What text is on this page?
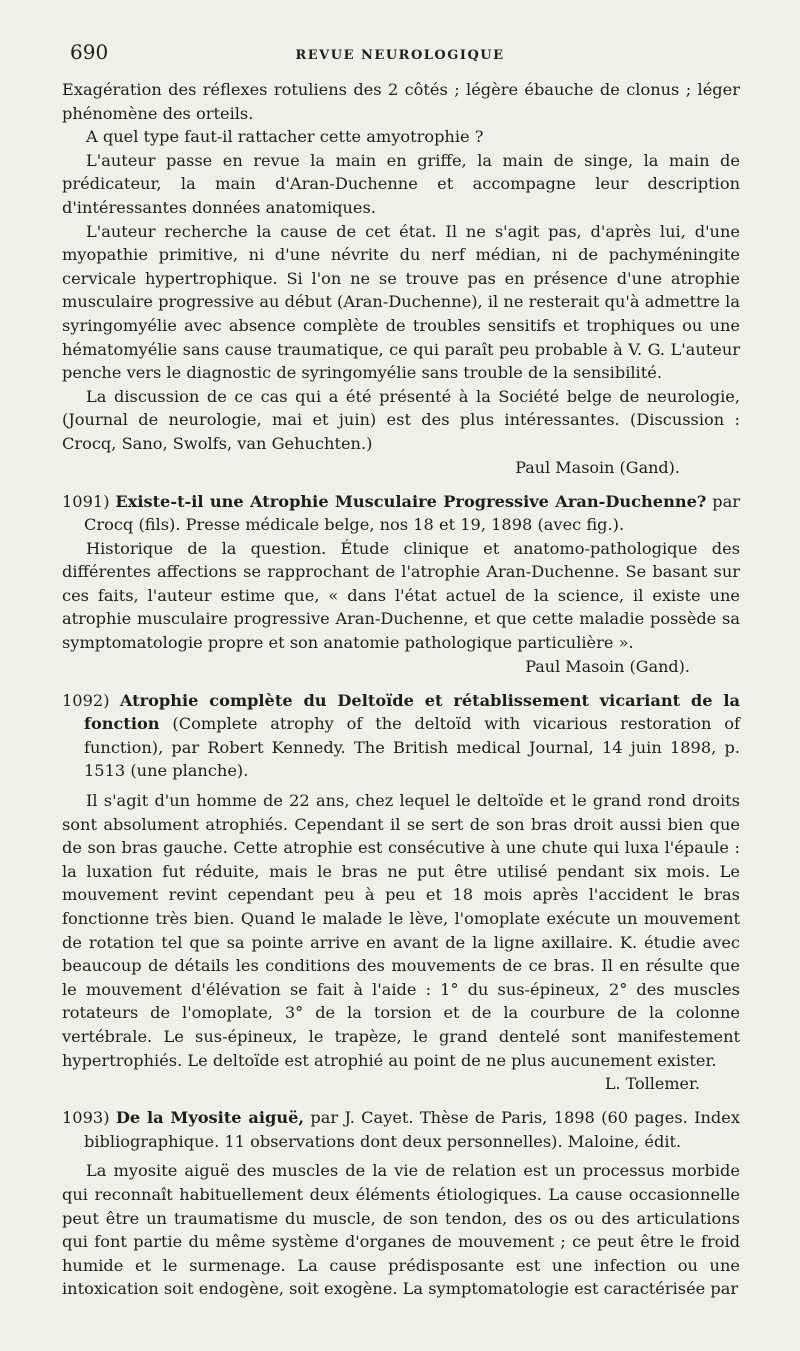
690	REVUE NEUROLOGIQUE

Exagération des réflexes rotuliens des 2 côtés ; légère ébauche de clonus ; léger phénomène des orteils.

A quel type faut-il rattacher cette amyotrophie ?

L'auteur passe en revue la main en griffe, la main de singe, la main de prédicateur, la main d'Aran-Duchenne et accompagne leur description d'intéressantes données anatomiques.

L'auteur recherche la cause de cet état. Il ne s'agit pas, d'après lui, d'une myopathie primitive, ni d'une névrite du nerf médian, ni de pachyméningite cervicale hypertrophique. Si l'on ne se trouve pas en présence d'une atrophie musculaire progressive au début (Aran-Duchenne), il ne resterait qu'à admettre la syringomyélie avec absence complète de troubles sensitifs et trophiques ou une hématomyélie sans cause traumatique, ce qui paraît peu probable à V. G. L'auteur penche vers le diagnostic de syringomyélie sans trouble de la sensibilité.

La discussion de ce cas qui a été présenté à la Société belge de neurologie, (Journal de neurologie, mai et juin) est des plus intéressantes. (Discussion : Crocq, Sano, Swolfs, van Gehuchten.)

Paul Masoin (Gand).

1091) Existe-t-il une Atrophie Musculaire Progressive Aran-Duchenne? par Crocq (fils). Presse médicale belge, nos 18 et 19, 1898 (avec fig.).

Historique de la question. Étude clinique et anatomo-pathologique des différentes affections se rapprochant de l'atrophie Aran-Duchenne. Se basant sur ces faits, l'auteur estime que, « dans l'état actuel de la science, il existe une atrophie musculaire progressive Aran-Duchenne, et que cette maladie possède sa symptomatologie propre et son anatomie pathologique particulière ».

Paul Masoin (Gand).

1092) Atrophie complète du Deltoïde et rétablissement vicariant de la fonction (Complete atrophy of the deltoïd with vicarious restoration of function), par Robert Kennedy. The British medical Journal, 14 juin 1898, p. 1513 (une planche).

Il s'agit d'un homme de 22 ans, chez lequel le deltoïde et le grand rond droits sont absolument atrophiés. Cependant il se sert de son bras droit aussi bien que de son bras gauche. Cette atrophie est consécutive à une chute qui luxa l'épaule : la luxation fut réduite, mais le bras ne put être utilisé pendant six mois. Le mouvement revint cependant peu à peu et 18 mois après l'accident le bras fonctionne très bien. Quand le malade le lève, l'omoplate exécute un mouvement de rotation tel que sa pointe arrive en avant de la ligne axillaire. K. étudie avec beaucoup de détails les conditions des mouvements de ce bras. Il en résulte que le mouvement d'élévation se fait à l'aide : 1° du sus-épineux, 2° des muscles rotateurs de l'omoplate, 3° de la torsion et de la courbure de la colonne vertébrale. Le sus-épineux, le trapèze, le grand dentelé sont manifestement hypertrophiés. Le deltoïde est atrophié au point de ne plus aucunement exister.

L. Tollemer.

1093) De la Myosite aiguë, par J. Cayet. Thèse de Paris, 1898 (60 pages. Index bibliographique. 11 observations dont deux personnelles). Maloine, édit.

La myosite aiguë des muscles de la vie de relation est un processus morbide qui reconnaît habituellement deux éléments étiologiques. La cause occasionnelle peut être un traumatisme du muscle, de son tendon, des os ou des articulations qui font partie du même système d'organes de mouvement ; ce peut être le froid humide et le surmenage. La cause prédisposante est une infection ou une intoxication soit endogène, soit exogène. La symptomatologie est caractérisée par
